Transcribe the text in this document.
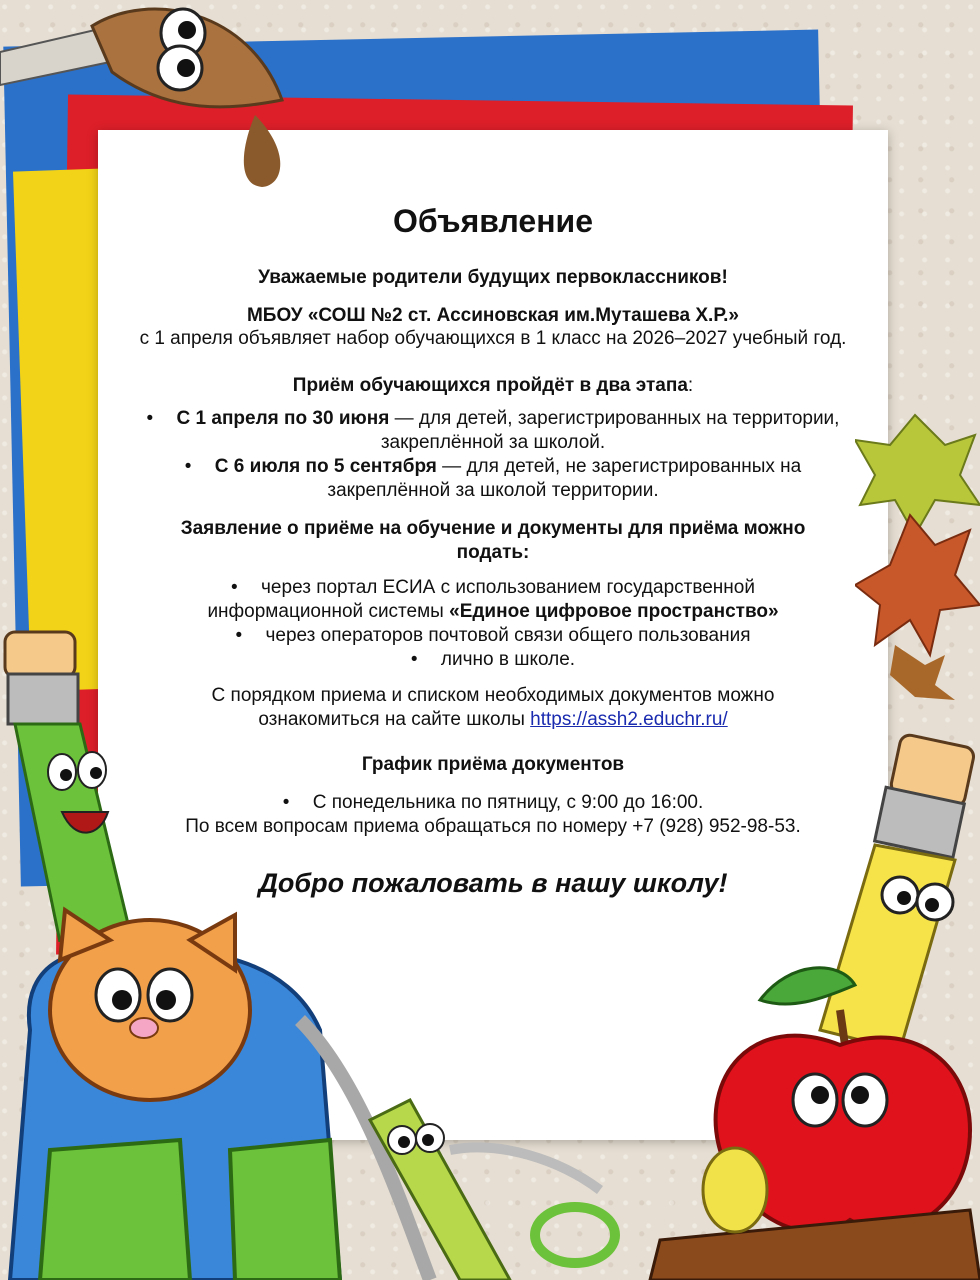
Объявление
Уважаемые родители будущих первоклассников!
МБОУ «СОШ №2 ст. Ассиновская им.Муташева Х.Р.»
с 1 апреля объявляет набор обучающихся в 1 класс на 2026–2027 учебный год.
Приём обучающихся пройдёт в два этапа:
• С 1 апреля по 30 июня — для детей, зарегистрированных на территории,
закреплённой за школой.
• С 6 июля по 5 сентября — для детей, не зарегистрированных на
закреплённой за школой территории.
Заявление о приёме на обучение и документы для приёма можно
подать:
• через портал ЕСИА с использованием государственной
информационной системы «Единое цифровое пространство»
• через операторов почтовой связи общего пользования
• лично в школе.
С порядком приема и списком необходимых документов можно
ознакомиться на сайте школы https://assh2.educhr.ru/
График приёма документов
• С понедельника по пятницу, с 9:00 до 16:00.
По всем вопросам приема обращаться по номеру +7 (928) 952-98-53.
Добро пожаловать в нашу школу!
